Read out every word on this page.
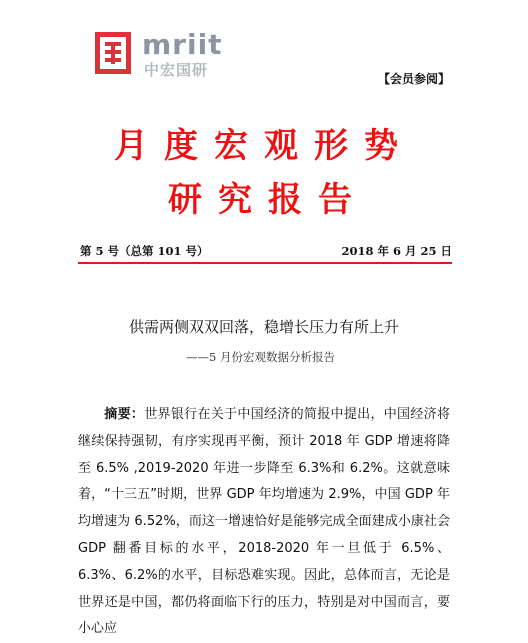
mriit
中宏国研	【会员参阅】
月度宏观形势
研究报告
第 5 号（总第 101 号）	2018 年 6 月 25 日
供需两侧双双回落，稳增长压力有所上升
——5 月份宏观数据分析报告

摘要：世界银行在关于中国经济的简报中提出，中国经济将继续保持强韧，有序实现再平衡，预计 2018 年 GDP 增速将降至 6.5% ,2019-2020 年进一步降至 6.3%和 6.2%。这就意味着，“十三五”时期，世界 GDP 年均增速为 2.9%，中国 GDP 年均增速为 6.52%，而这一增速恰好是能够完成全面建成小康社会 GDP 翻番目标的水平，2018-2020 年一旦低于 6.5%、6.3%、6.2%的水平，目标恐难实现。因此，总体而言，无论是世界还是中国，都仍将面临下行的压力，特别是对中国而言，要小心应
